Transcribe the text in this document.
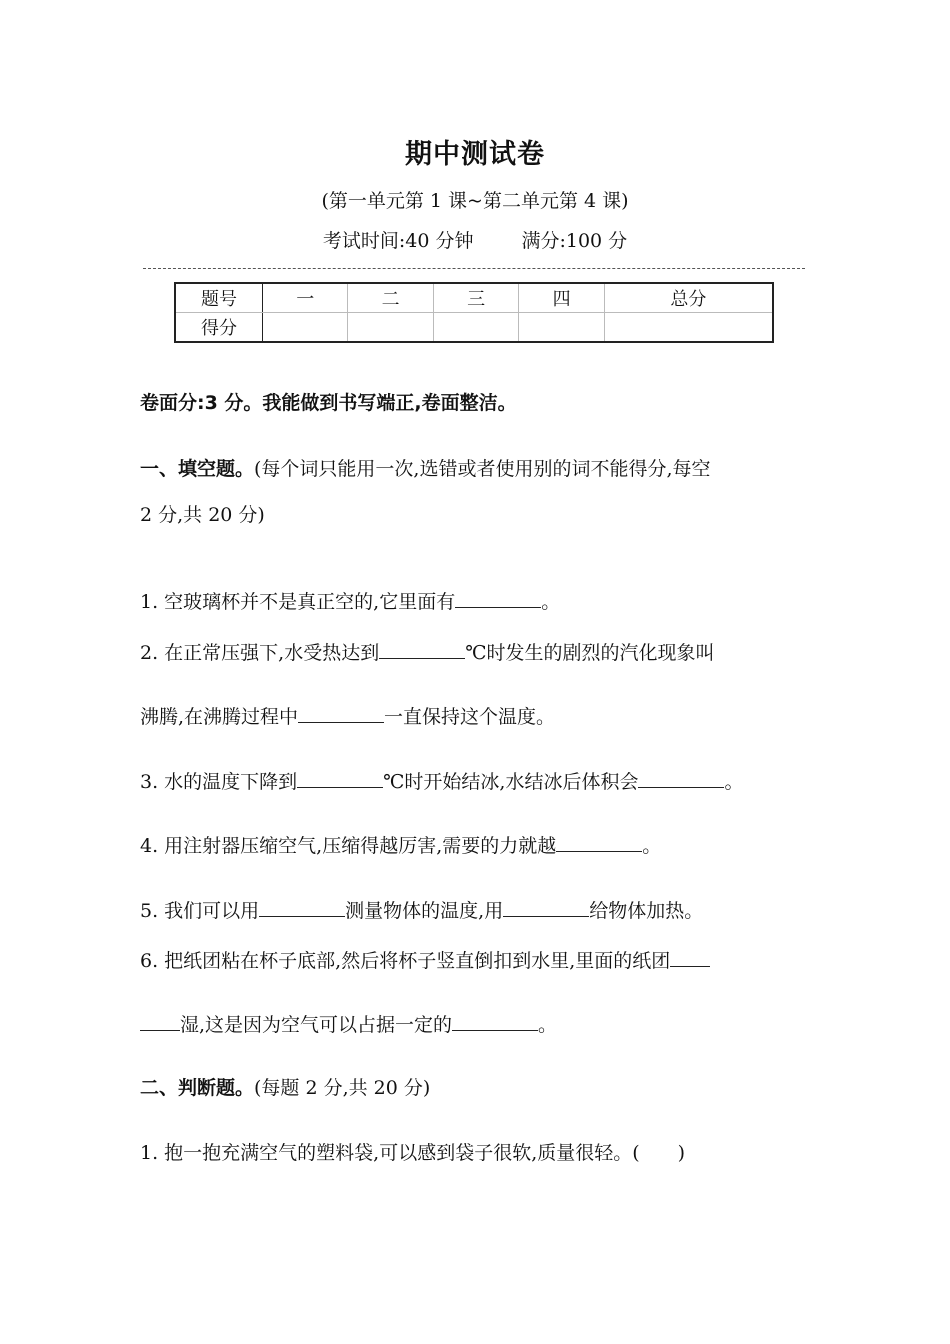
期中测试卷
(第一单元第 1 课~第二单元第 4 课)
考试时间:40 分钟	满分:100 分
题号	一	二	三	四	总分
得分					
卷面分:3 分。我能做到书写端正,卷面整洁。
一、填空题。(每个词只能用一次,选错或者使用别的词不能得分,每空
2 分,共 20 分)
1. 空玻璃杯并不是真正空的,它里面有	。
2. 在正常压强下,水受热达到	℃时发生的剧烈的汽化现象叫
沸腾,在沸腾过程中	一直保持这个温度。
3. 水的温度下降到	℃时开始结冰,水结冰后体积会	。
4. 用注射器压缩空气,压缩得越厉害,需要的力就越	。
5. 我们可以用	测量物体的温度,用	给物体加热。
6. 把纸团粘在杯子底部,然后将杯子竖直倒扣到水里,里面的纸团
湿,这是因为空气可以占据一定的	。
二、判断题。(每题 2 分,共 20 分)
1. 抱一抱充满空气的塑料袋,可以感到袋子很软,质量很轻。(　　)
